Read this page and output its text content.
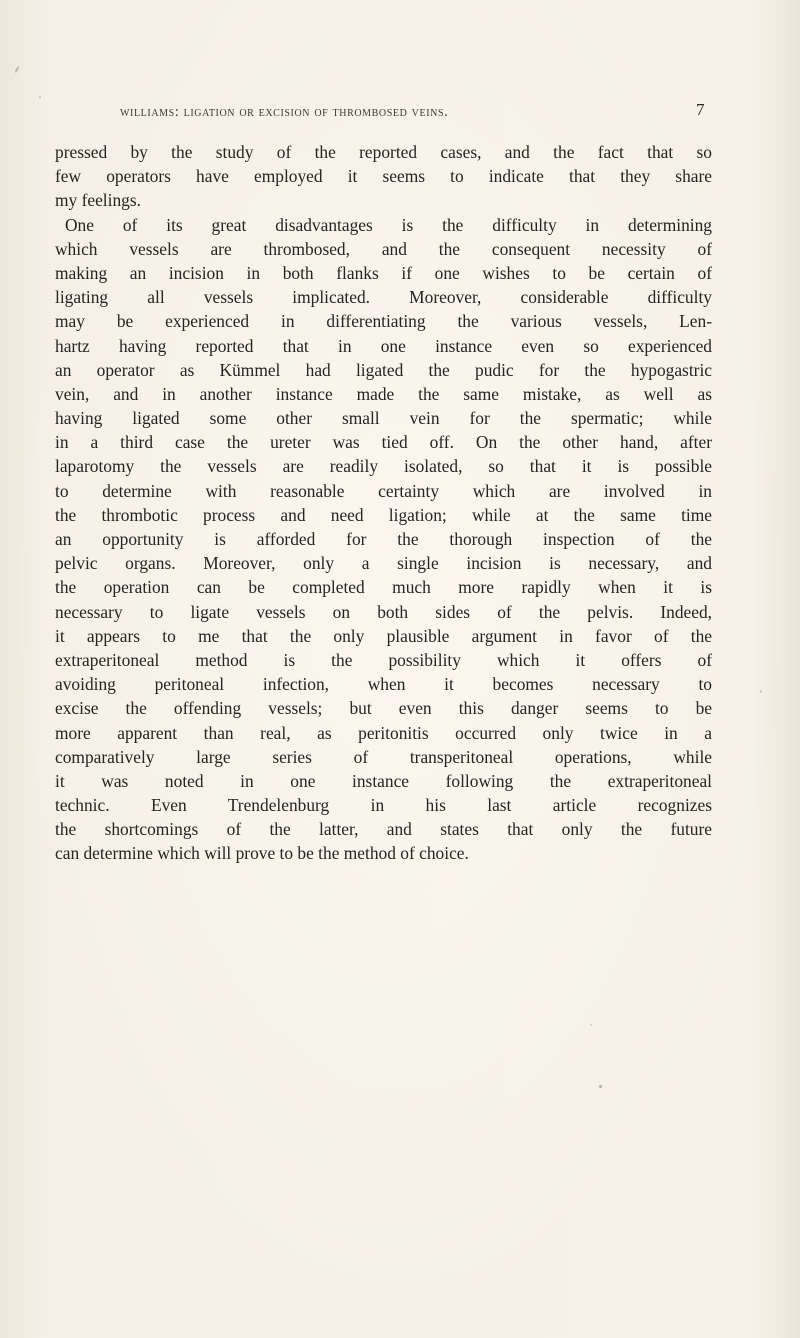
williams: ligation or excision of thrombosed veins.	7
pressed by the study of the reported cases, and the fact that so
few operators have employed it seems to indicate that they share
my feelings.
One of its great disadvantages is the difficulty in determining
which vessels are thrombosed, and the consequent necessity of
making an incision in both flanks if one wishes to be certain of
ligating all vessels implicated. Moreover, considerable difficulty
may be experienced in differentiating the various vessels, Len-
hartz having reported that in one instance even so experienced
an operator as Kümmel had ligated the pudic for the hypogastric
vein, and in another instance made the same mistake, as well as
having ligated some other small vein for the spermatic; while
in a third case the ureter was tied off. On the other hand, after
laparotomy the vessels are readily isolated, so that it is possible
to determine with reasonable certainty which are involved in
the thrombotic process and need ligation; while at the same time
an opportunity is afforded for the thorough inspection of the
pelvic organs. Moreover, only a single incision is necessary, and
the operation can be completed much more rapidly when it is
necessary to ligate vessels on both sides of the pelvis. Indeed,
it appears to me that the only plausible argument in favor of the
extraperitoneal method is the possibility which it offers of
avoiding peritoneal infection, when it becomes necessary to
excise the offending vessels; but even this danger seems to be
more apparent than real, as peritonitis occurred only twice in a
comparatively large series of transperitoneal operations, while
it was noted in one instance following the extraperitoneal
technic. Even Trendelenburg in his last article recognizes
the shortcomings of the latter, and states that only the future
can determine which will prove to be the method of choice.
